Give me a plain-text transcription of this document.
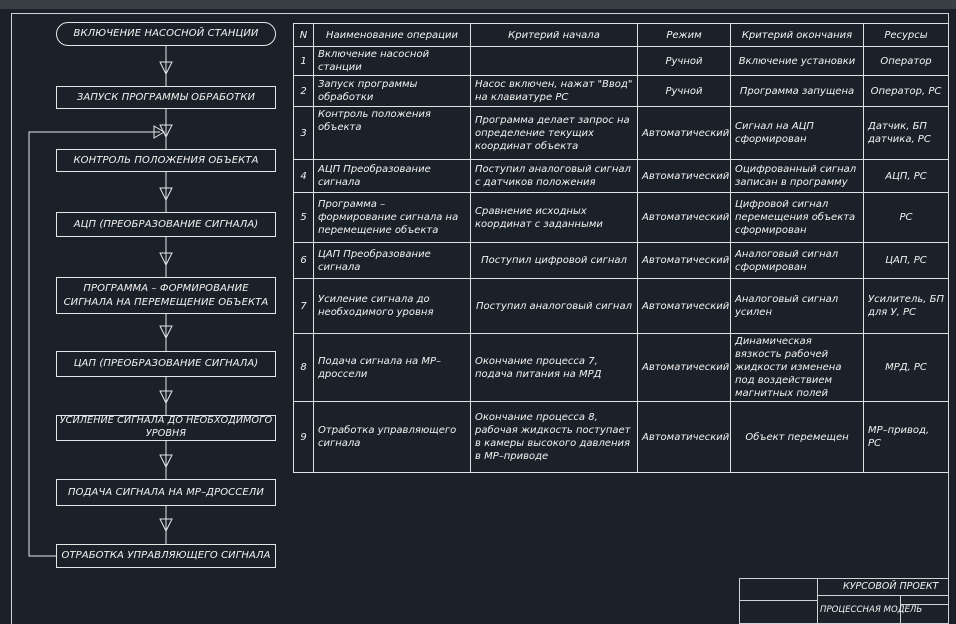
ВКЛЮЧЕНИЕ НАСОСНОЙ СТАНЦИИ
ЗАПУСК ПРОГРАММЫ ОБРАБОТКИ
КОНТРОЛЬ ПОЛОЖЕНИЯ ОБЪЕКТА
АЦП (ПРЕОБРАЗОВАНИЕ СИГНАЛА)
ПРОГРАММА – ФОРМИРОВАНИЕ СИГНАЛА НА ПЕРЕМЕЩЕНИЕ ОБЪЕКТА
ЦАП (ПРЕОБРАЗОВАНИЕ СИГНАЛА)
УСИЛЕНИЕ СИГНАЛА ДО НЕОБХОДИМОГО УРОВНЯ
ПОДАЧА СИГНАЛА НА МР–ДРОССЕЛИ
ОТРАБОТКА УПРАВЛЯЮЩЕГО СИГНАЛА
N	Наименование операции	Критерий начала	Режим	Критерий окончания	Ресурсы
1	Включение насосной станции		Ручной	Включение установки	Оператор
2	Запуск программы обработки	Насос включен, нажат "Ввод" на клавиатуре PC	Ручной	Программа запущена	Оператор, PC
3	Контроль положения объекта	Программа делает запрос на определение текущих координат объекта	Автоматический	Сигнал на АЦП сформирован	Датчик, БП датчика, PC
4	АЦП Преобразование сигнала	Поступил аналоговый сигнал с датчиков положения	Автоматический	Оцифрованный сигнал записан в программу	АЦП, PC
5	Программа – формирование сигнала на перемещение объекта	Сравнение исходных координат с заданными	Автоматический	Цифровой сигнал перемещения объекта сформирован	PC
6	ЦАП Преобразование сигнала	Поступил цифровой сигнал	Автоматический	Аналоговый сигнал сформирован	ЦАП, PC
7	Усиление сигнала до необходимого уровня	Поступил аналоговый сигнал	Автоматический	Аналоговый сигнал усилен	Усилитель, БП для У, PC
8	Подача сигнала на МР–дроссели	Окончание процесса 7, подача питания на МРД	Автоматический	Динамическая вязкость рабочей жидкости изменена под воздействием магнитных полей	МРД, PC
9	Отработка управляющего сигнала	Окончание процесса 8, рабочая жидкость поступает в камеры высокого давления в МР–приводе	Автоматический	Объект перемещен	МР–привод, PC
КУРСОВОЙ ПРОЕКТ
ПРОЦЕССНАЯ МОДЕЛЬ
